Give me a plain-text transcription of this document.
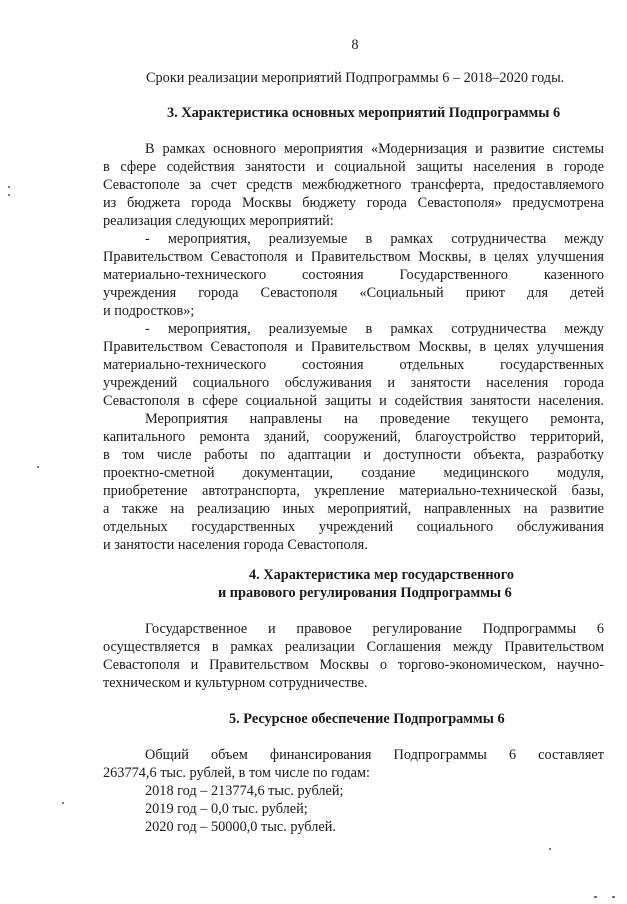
8
Сроки реализации мероприятий Подпрограммы 6 – 2018–2020 годы.
3. Характеристика основных мероприятий Подпрограммы 6
В рамках основного мероприятия «Модернизация и развитие системы
в сфере содействия занятости и социальной защиты населения в городе
Севастополе за счет средств межбюджетного трансферта, предоставляемого
из бюджета города Москвы бюджету города Севастополя» предусмотрена
реализация следующих мероприятий:
- мероприятия, реализуемые в рамках сотрудничества между
Правительством Севастополя и Правительством Москвы, в целях улучшения
материально-технического состояния Государственного казенного
учреждения города Севастополя «Социальный приют для детей
и подростков»;
- мероприятия, реализуемые в рамках сотрудничества между
Правительством Севастополя и Правительством Москвы, в целях улучшения
материально-технического состояния отдельных государственных
учреждений социального обслуживания и занятости населения города
Севастополя в сфере социальной защиты и содействия занятости населения.
Мероприятия направлены на проведение текущего ремонта,
капитального ремонта зданий, сооружений, благоустройство территорий,
в том числе работы по адаптации и доступности объекта, разработку
проектно-сметной документации, создание медицинского модуля,
приобретение автотранспорта, укрепление материально-технической базы,
а также на реализацию иных мероприятий, направленных на развитие
отдельных государственных учреждений социального обслуживания
и занятости населения города Севастополя.
4. Характеристика мер государственного
и правового регулирования Подпрограммы 6
Государственное и правовое регулирование Подпрограммы 6
осуществляется в рамках реализации Соглашения между Правительством
Севастополя и Правительством Москвы о торгово-экономическом, научно-
техническом и культурном сотрудничестве.
5. Ресурсное обеспечение Подпрограммы 6
Общий объем финансирования Подпрограммы 6 составляет
263774,6 тыс. рублей, в том числе по годам:
2018 год – 213774,6 тыс. рублей;
2019 год – 0,0 тыс. рублей;
2020 год – 50000,0 тыс. рублей.
